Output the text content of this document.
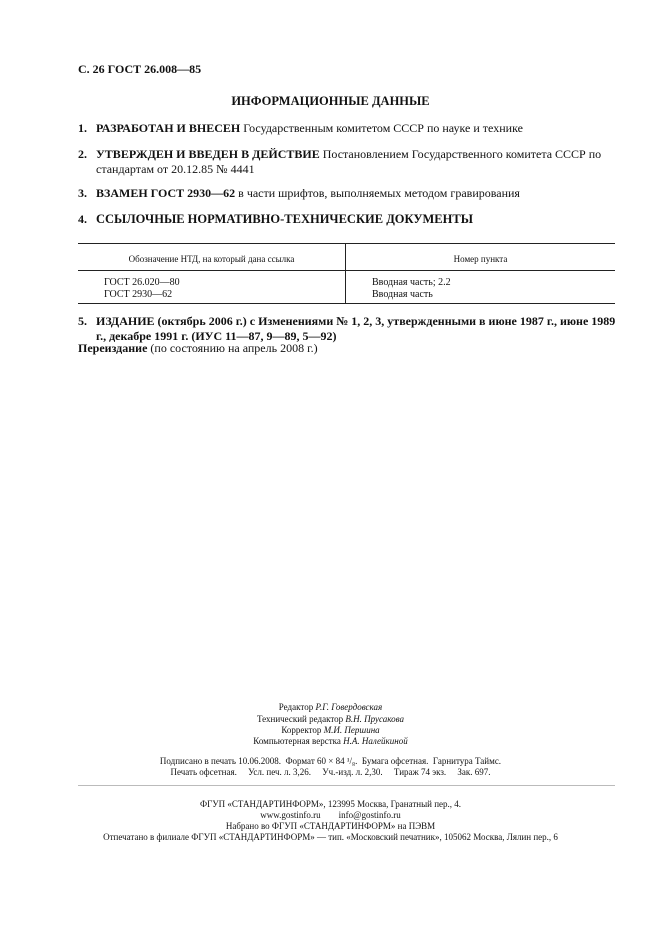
С. 26 ГОСТ 26.008—85
ИНФОРМАЦИОННЫЕ ДАННЫЕ
1. РАЗРАБОТАН И ВНЕСЕН Государственным комитетом СССР по науке и технике
2. УТВЕРЖДЕН И ВВЕДЕН В ДЕЙСТВИЕ Постановлением Государственного комитета СССР по стандартам от 20.12.85 № 4441
3. ВЗАМЕН ГОСТ 2930—62 в части шрифтов, выполняемых методом гравирования
4. ССЫЛОЧНЫЕ НОРМАТИВНО-ТЕХНИЧЕСКИЕ ДОКУМЕНТЫ
Обозначение НТД, на который дана ссылка	Номер пункта
ГОСТ 26.020—80	Вводная часть; 2.2
ГОСТ 2930—62	Вводная часть
5. ИЗДАНИЕ (октябрь 2006 г.) с Изменениями № 1, 2, 3, утвержденными в июне 1987 г., июне 1989 г., декабре 1991 г. (ИУС 11—87, 9—89, 5—92)
Переиздание (по состоянию на апрель 2008 г.)
Редактор Р.Г. Говердовская
Технический редактор В.Н. Прусакова
Корректор М.И. Першина
Компьютерная верстка Н.А. Налейкиной
Подписано в печать 10.06.2008.  Формат 60 × 84 ¹/₈.  Бумага офсетная.  Гарнитура Таймс.
Печать офсетная.     Усл. печ. л. 3,26.     Уч.-изд. л. 2,30.     Тираж 74 экз.     Зак. 697.
ФГУП «СТАНДАРТИНФОРМ», 123995 Москва, Гранатный пер., 4.
www.gostinfo.ru        info@gostinfo.ru
Набрано во ФГУП «СТАНДАРТИНФОРМ» на ПЭВМ
Отпечатано в филиале ФГУП «СТАНДАРТИНФОРМ» — тип. «Московский печатник», 105062 Москва, Лялин пер., 6
